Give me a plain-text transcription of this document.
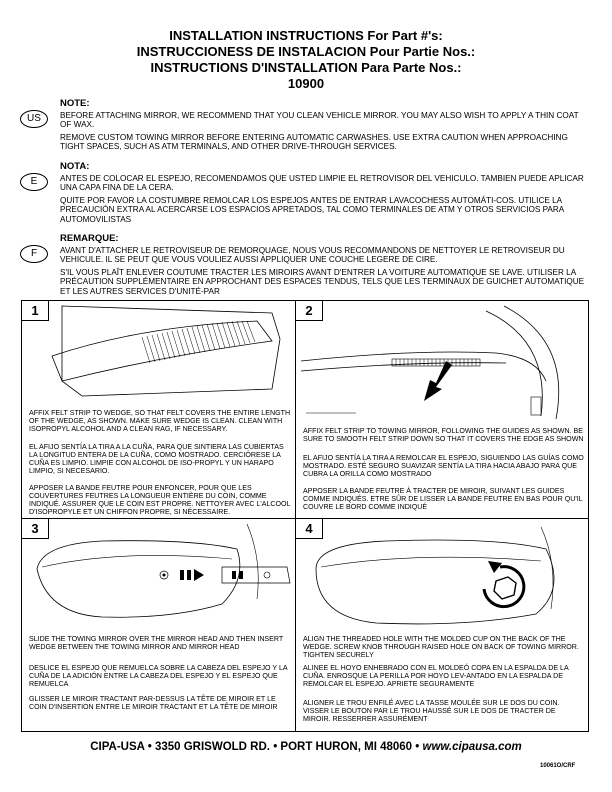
INSTALLATION INSTRUCTIONS For Part #'s:
INSTRUCCIONESS DE INSTALACION Pour Partie Nos.:
INSTRUCTIONS D'INSTALLATION Para Parte Nos.:
10900
NOTE:
US	BEFORE ATTACHING MIRROR, WE RECOMMEND THAT YOU CLEAN VEHICLE MIRROR. YOU MAY ALSO WISH TO APPLY A THIN COAT OF WAX.

REMOVE CUSTOM TOWING MIRROR BEFORE ENTERING AUTOMATIC CARWASHES. USE EXTRA CAUTION WHEN APPROACHING TIGHT SPACES, SUCH AS ATM TERMINALS, AND OTHER DRIVE-THROUGH SERVICES.

NOTA:
E	ANTES DE COLOCAR EL ESPEJO, RECOMENDAMOS QUE USTED LIMPIE EL RETROVISOR DEL VEHICULO. TAMBIEN PUEDE APLICAR UNA CAPA FINA DE LA CERA.

QUITE POR FAVOR LA COSTUMBRE REMOLCAR LOS ESPEJOS ANTES DE ENTRAR LAVACOCHESS AUTOMÁTI-COS. UTILICE LA PRECAUCIÓN EXTRA AL ACERCARSE LOS ESPACIOS APRETADOS, TAL COMO TERMINALES DE ATM Y OTROS SERVICIOS PARA AUTOMOVILISTAS

REMARQUE:
F	AVANT D'ATTACHER LE RETROVISEUR DE REMORQUAGE, NOUS VOUS RECOMMANDONS DE NETTOYER LE RETROVISEUR DU VEHICULE. IL SE PEUT QUE VOUS VOULIEZ AUSSI APPLIQUER UNE COUCHE LEGERE DE CIRE.

S'IL VOUS PLAÎT ENLEVER COUTUME TRACTER LES MIROIRS AVANT D'ENTRER LA VOITURE AUTOMATIQUE SE LAVE. UTILISER LA PRÉCAUTION SUPPLÉMENTAIRE EN APPROCHANT DES ESPACES TENDUS, TELS QUE LES TERMINAUX DE GUICHET AUTOMATIQUE ET LES AUTRES SERVICES D'UNITÉ-PAR

1

AFFIX FELT STRIP TO WEDGE, SO THAT FELT COVERS THE ENTIRE LENGTH OF THE WEDGE, AS SHOWN. MAKE SURE WEDGE IS CLEAN. CLEAN WITH ISOPROPYL ALCOHOL AND A CLEAN RAG, IF NECESSARY.

EL AFIJO SENTÍA LA TIRA A LA CUÑA, PARA QUE SINTIERA LAS CUBIERTAS LA LONGITUD ENTERA DE LA CUÑA, COMO MOSTRADO. CERCIÓRESE LA CUÑA ES LIMPIO. LIMPIE CON ALCOHOL DE ISO-PROPYL Y UN HARAPO LIMPIO, SI NECESARIO.

APPOSER LA BANDE FEUTRE POUR ENFONCER, POUR QUE LES COUVERTURES FEUTRES LA LONGUEUR ENTIÈRE DU COIN, COMME INDIQUÉ. ASSURER QUE LE COIN EST PROPRE. NETTOYER AVEC L'ALCOOL D'ISOPROPYLE ET UN CHIFFON PROPRE, SI NÉCESSAIRE.

2

AFFIX FELT STRIP TO TOWING MIRROR, FOLLOWING THE GUIDES AS SHOWN. BE SURE TO SMOOTH FELT STRIP DOWN SO THAT IT COVERS THE EDGE AS SHOWN

EL AFIJO SENTÍA LA TIRA A REMOLCAR EL ESPEJO, SIGUIENDO LAS GUÍAS COMO MOSTRADO. ESTÉ SEGURO SUAVIZAR SENTÍA LA TIRA HACIA ABAJO PARA QUE CUBRA LA ORILLA COMO MOSTRADO

APPOSER LA BANDE FEUTRE À TRACTER DE MIROIR, SUIVANT LES GUIDES COMME INDIQUÉS. ETRE SÛR DE LISSER LA BANDE FEUTRE EN BAS POUR QU'IL COUVRE LE BORD COMME INDIQUÉ

3

SLIDE THE TOWING MIRROR OVER THE MIRROR HEAD AND THEN INSERT WEDGE BETWEEN THE TOWING MIRROR AND MIRROR HEAD

DESLICE EL ESPEJO QUE REMUELCA SOBRE LA CABEZA DEL ESPEJO Y LA CUÑA DE LA ADICIÓN ENTRE LA CABEZA DEL ESPEJO Y EL ESPEJO QUE REMUELCA

GLISSER LE MIROIR TRACTANT PAR-DESSUS LA TÊTE DE MIROIR ET LE COIN D'INSERTION ENTRE LE MIROIR TRACTANT ET LA TÊTE DE MIROIR

4

ALIGN THE THREADED HOLE WITH THE MOLDED CUP ON THE BACK OF THE WEDGE. SCREW KNOB THROUGH RAISED HOLE ON BACK OF TOWING MIRROR. TIGHTEN SECURELY

ALINEE EL HOYO ENHEBRADO CON EL MOLDEÓ COPA EN LA ESPALDA DE LA CUÑA. ENROSQUE LA PERILLA POR HOYO LEV-ANTADO EN LA ESPALDA DE REMOLCAR EL ESPEJO. APRIETE SEGURAMENTE

ALIGNER LE TROU ENFILÉ AVEC LA TASSE MOULÉE SUR LE DOS DU COIN. VISSER LE BOUTON PAR LE TROU HAUSSÉ SUR LE DOS DE TRACTER DE MIROIR. RESSERRER ASSURÉMENT

CIPA-USA • 3350 GRISWOLD RD. • PORT HURON, MI 48060 • www.cipausa.com
10061O/CRF
